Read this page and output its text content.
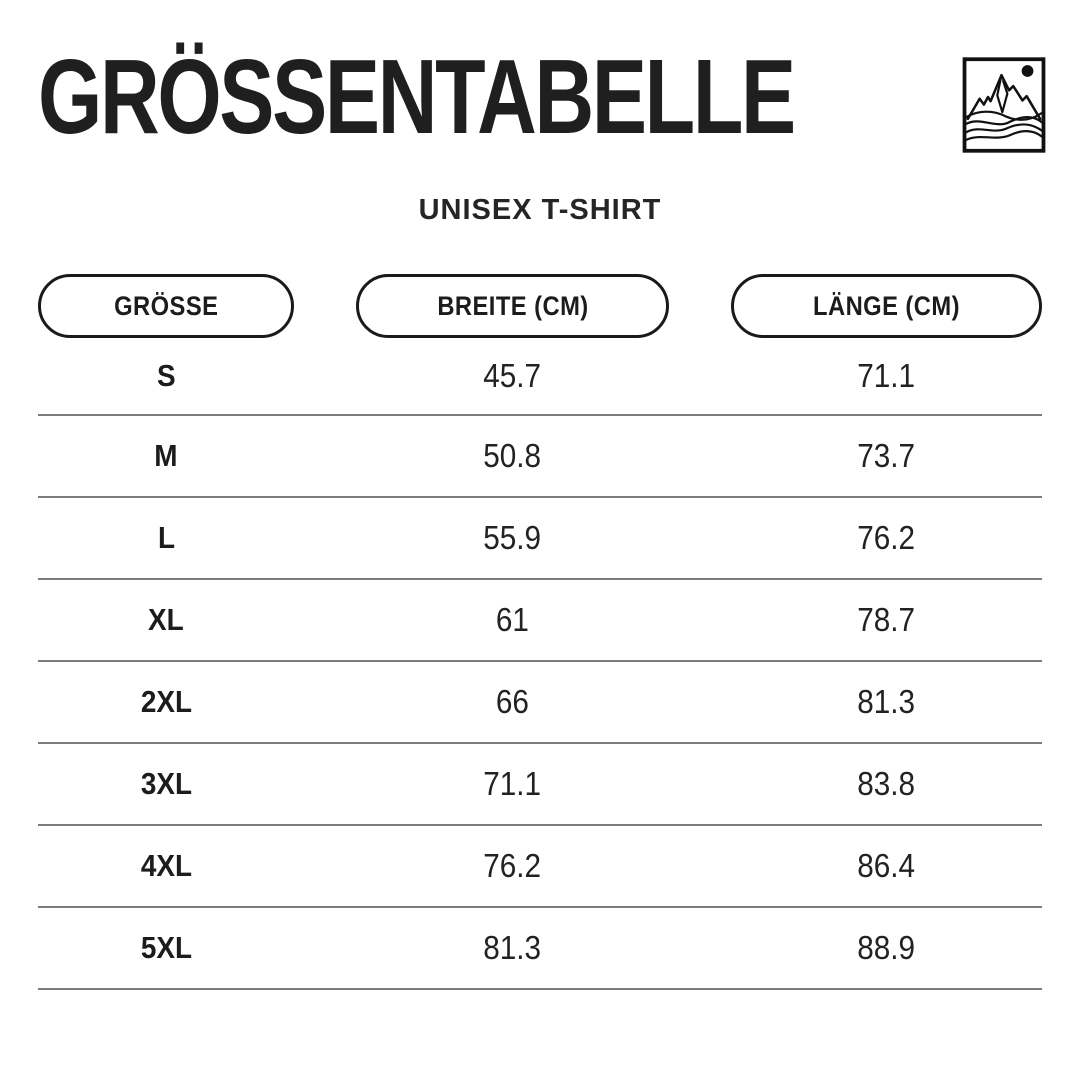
GRÖSSENTABELLE
UNISEX T-SHIRT
GRÖSSE	BREITE (CM)	LÄNGE (CM)
S	45.7	71.1
M	50.8	73.7
L	55.9	76.2
XL	61	78.7
2XL	66	81.3
3XL	71.1	83.8
4XL	76.2	86.4
5XL	81.3	88.9
